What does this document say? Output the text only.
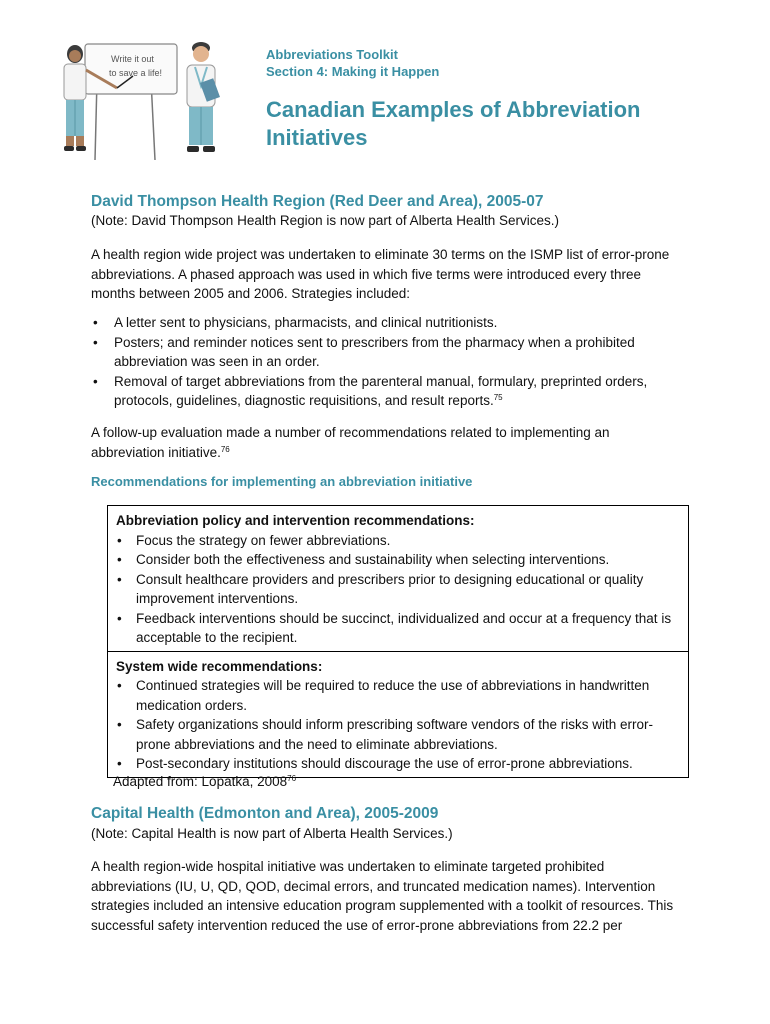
Write it out
to save a life!
Abbreviations Toolkit
Section 4: Making it Happen
Canadian Examples of Abbreviation Initiatives
David Thompson Health Region (Red Deer and Area), 2005-07
(Note: David Thompson Health Region is now part of Alberta Health Services.)
A health region wide project was undertaken to eliminate 30 terms on the ISMP list of error-prone abbreviations. A phased approach was used in which five terms were introduced every three months between 2005 and 2006. Strategies included:
• A letter sent to physicians, pharmacists, and clinical nutritionists.
• Posters; and reminder notices sent to prescribers from the pharmacy when a prohibited abbreviation was seen in an order.
• Removal of target abbreviations from the parenteral manual, formulary, preprinted orders, protocols, guidelines, diagnostic requisitions, and result reports.$^{75}$
A follow-up evaluation made a number of recommendations related to implementing an abbreviation initiative.$^{76}$
Recommendations for implementing an abbreviation initiative
Abbreviation policy and intervention recommendations:
• Focus the strategy on fewer abbreviations.
• Consider both the effectiveness and sustainability when selecting interventions.
• Consult healthcare providers and prescribers prior to designing educational or quality improvement interventions.
• Feedback interventions should be succinct, individualized and occur at a frequency that is acceptable to the recipient.
System wide recommendations:
• Continued strategies will be required to reduce the use of abbreviations in handwritten medication orders.
• Safety organizations should inform prescribing software vendors of the risks with error-prone abbreviations and the need to eliminate abbreviations.
• Post-secondary institutions should discourage the use of error-prone abbreviations.
Adapted from: Lopatka, 2008$^{76}$
Capital Health (Edmonton and Area), 2005-2009
(Note: Capital Health is now part of Alberta Health Services.)
A health region-wide hospital initiative was undertaken to eliminate targeted prohibited abbreviations (IU, U, QD, QOD, decimal errors, and truncated medication names). Intervention strategies included an intensive education program supplemented with a toolkit of resources. This successful safety intervention reduced the use of error-prone abbreviations from 22.2 per
